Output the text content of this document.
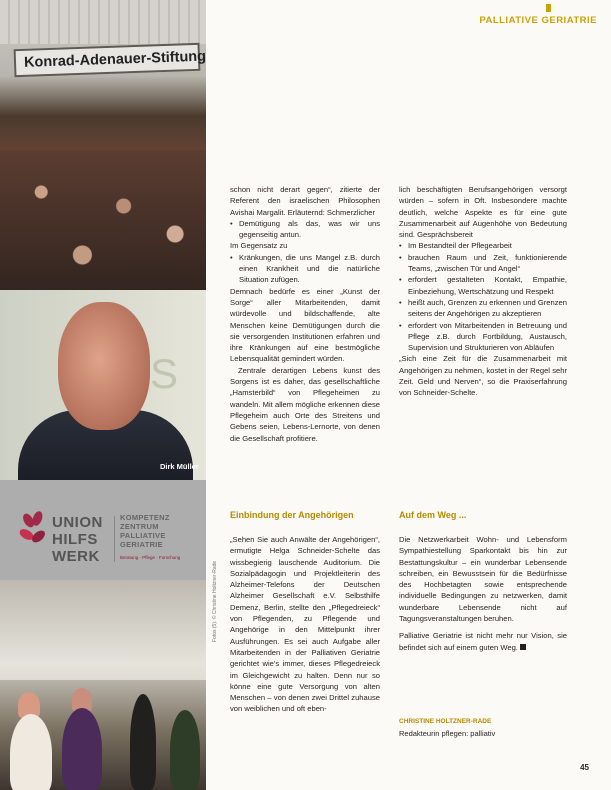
PALLIATIVE GERIATRIE
Konrad-Adenauer-Stiftung
S
Dirk Müller
UNION
HILFS
WERK
KOMPETENZ
ZENTRUM
PALLIATIVE
GERIATRIE
Beratung · Pflege · Forschung
Fotos (5): © Christine Holtzner-Rade

schon nicht derart gegen“, zitierte der Referent den israelischen Philosophen Avishai Margalit. Erläuternd: Schmerzlicher

• Demütigung als das, was wir uns gegenseitig antun.

Im Gegensatz zu

• Kränkungen, die uns Mangel z.B. durch einen Krankheit und die natürliche Situation zufügen.

Demnach bedürfe es einer „Kunst der Sorge“ aller Mitarbeitenden, damit würdevolle und bildschaffende, alte Menschen keine Demütigungen durch die sie versorgenden Institutionen erfahren und ihre Kränkungen auf eine bestmögliche Lebensqualität gemindert würden.

Zentrale derartigen Lebens kunst des Sorgens ist es daher, das gesellschaftliche „Hamsterbild“ von Pflegeheimen zu wandeln. Mit allem mögliche erkennen diese Pflegeheim auch Orte des Streitens und Gebens seien, Lebens-Lernorte, von denen die Gesellschaft profitiere.

lich beschäftigten Berufsangehörigen versorgt würden – sofern in Oft. Insbesondere machte deutlich, welche Aspekte es für eine gute Zusammenarbeit auf Augenhöhe von Bedeutung sind. Gesprächsbereit

• Im Bestandteil der Pflegearbeit
• brauchen Raum und Zeit, funktionierende Teams, „zwischen Tür und Angel“
• erfordert gestalteten Kontakt, Empathie, Einbeziehung, Wertschätzung und Respekt
• heißt auch, Grenzen zu erkennen und Grenzen seitens der Angehörigen zu akzeptieren
• erfordert von Mitarbeitenden in Betreuung und Pflege z.B. durch Fortbildung, Austausch, Supervision und Strukturieren von Abläufen

„Sich eine Zeit für die Zusammenarbeit mit Angehörigen zu nehmen, kostet in der Regel sehr Zeit. Geld und Nerven“, so die Praxiserfahrung von Schneider-Schelte.

Einbindung der Angehörigen	Auf dem Weg ...

„Sehen Sie auch Anwälte der Angehörigen“, ermutigte Helga Schneider-Schelte das wissbegierig lauschende Auditorium. Die Sozialpädagogin und Projektleiterin des Alzheimer-Telefons der Deutschen Alzheimer Gesellschaft e.V. Selbsthilfe Demenz, Berlin, stellte den „Pflegedreieck“ von Pflegenden, zu Pflegende und Angehörige in den Mittelpunkt ihrer Ausführungen. Es sei auch Aufgabe aller Mitarbeitenden in der Palliativen Geriatrie gerichtet wie's immer, dieses Pflegedreieck im Gleichgewicht zu halten. Denn nur so könne eine gute Versorgung von alten Menschen – von denen zwei Drittel zuhause von weiblichen und oft eben-

Die Netzwerkarbeit Wohn- und Lebensform Sympathiestellung Sparkontakt bis hin zur Bestattungskultur – ein wunderbar Lebensende schreiben, ein Bewusstsein für die Bedürfnisse des Hochbetagten sowie entsprechende individuelle Bedingungen zu netzwerken, damit wunderbare Lebensende nicht auf Tagungsveranstaltungen beruhen.

Palliative Geriatrie ist nicht mehr nur Vision, sie befindet sich auf einem guten Weg.

CHRISTINE HOLTZNER-RADE
Redakteurin pflegen: palliativ
45
